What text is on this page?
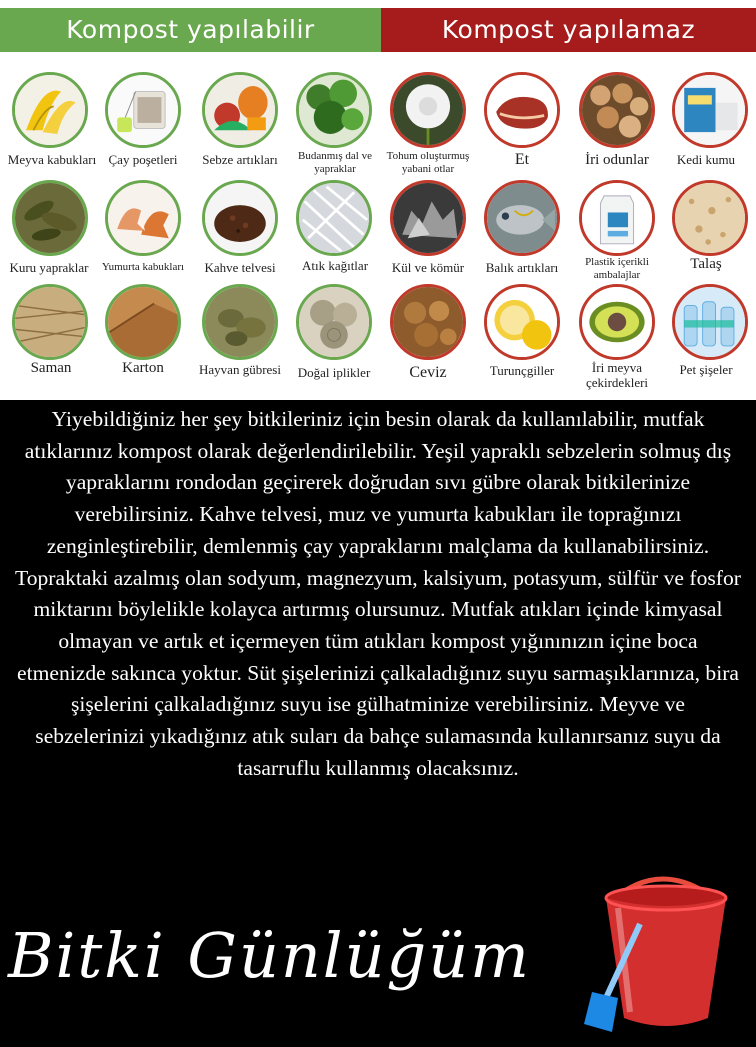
Kompost yapılabilir	Kompost yapılamaz
Meyva kabukları Çay poşetleri	Sebze artıkları	Budanmış dal ve yapraklar
Kuru yapraklar	Yumurta kabukları	Kahve telvesi	Atık kağıtlar
Saman	Karton	Hayvan gübresi	Doğal iplikler
Tohum oluşturmuş yabani otlar
Et	İri odunlar	Kedi kumu
Kül ve kömür	Balık artıkları	Plastik içerikli ambalajlar
Talaş
Ceviz	Turunçgiller	İri meyva çekirdekleri
Pet şişeler

Yiyebildiğiniz her şey bitkileriniz için besin olarak da kullanılabilir, mutfak atıklarınız kompost olarak değerlendirilebilir. Yeşil yapraklı sebzelerin solmuş dış yapraklarını rondodan geçirerek doğrudan sıvı gübre olarak bitkilerinize verebilirsiniz. Kahve telvesi, muz ve yumurta kabukları ile toprağınızı zenginleştirebilir, demlenmiş çay yapraklarını malçlama da kullanabilirsiniz. Topraktaki azalmış olan sodyum, magnezyum, kalsiyum, potasyum, sülfür ve fosfor miktarını böylelikle kolayca artırmış olursunuz. Mutfak atıkları içinde kimyasal olmayan ve artık et içermeyen tüm atıkları kompost yığınınızın içine boca etmenizde sakınca yoktur. Süt şişelerinizi çalkaladığınız suyu sarmaşıklarınıza, bira şişelerini çalkaladığınız suyu ise gülhatminize verebilirsiniz. Meyve ve sebzelerinizi yıkadığınız atık suları da bahçe sulamasında kullanırsanız suyu da tasarruflu kullanmış olacaksınız.

Bitki Günlüğüm
